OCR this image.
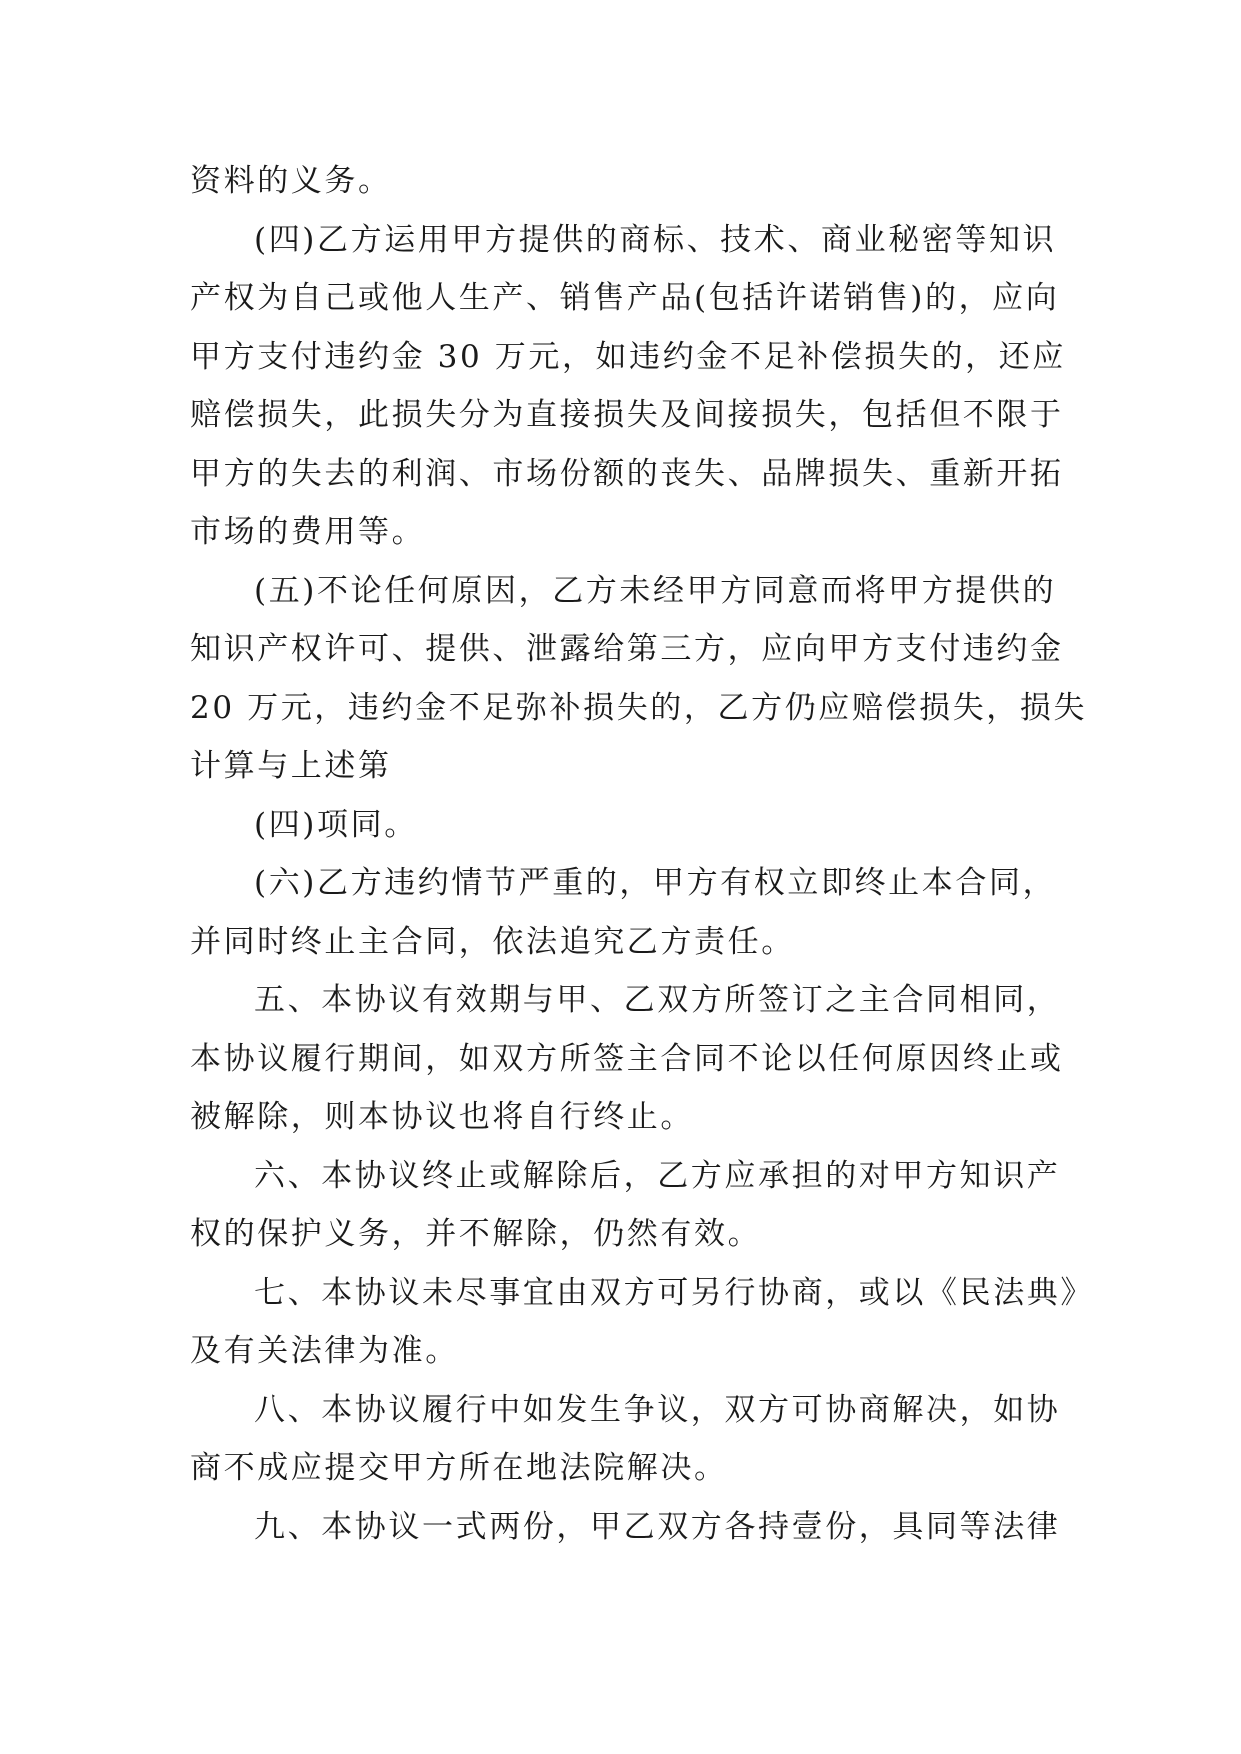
资料的义务。
(四)乙方运用甲方提供的商标、技术、商业秘密等知识
产权为自己或他人生产、销售产品(包括许诺销售)的，应向
甲方支付违约金 30 万元，如违约金不足补偿损失的，还应
赔偿损失，此损失分为直接损失及间接损失，包括但不限于
甲方的失去的利润、市场份额的丧失、品牌损失、重新开拓
市场的费用等。
(五)不论任何原因，乙方未经甲方同意而将甲方提供的
知识产权许可、提供、泄露给第三方，应向甲方支付违约金
20 万元，违约金不足弥补损失的，乙方仍应赔偿损失，损失
计算与上述第
(四)项同。
(六)乙方违约情节严重的，甲方有权立即终止本合同，
并同时终止主合同，依法追究乙方责任。
五、本协议有效期与甲、乙双方所签订之主合同相同，
本协议履行期间，如双方所签主合同不论以任何原因终止或
被解除，则本协议也将自行终止。
六、本协议终止或解除后，乙方应承担的对甲方知识产
权的保护义务，并不解除，仍然有效。
七、本协议未尽事宜由双方可另行协商，或以《民法典》
及有关法律为准。
八、本协议履行中如发生争议，双方可协商解决，如协
商不成应提交甲方所在地法院解决。
九、本协议一式两份，甲乙双方各持壹份，具同等法律
